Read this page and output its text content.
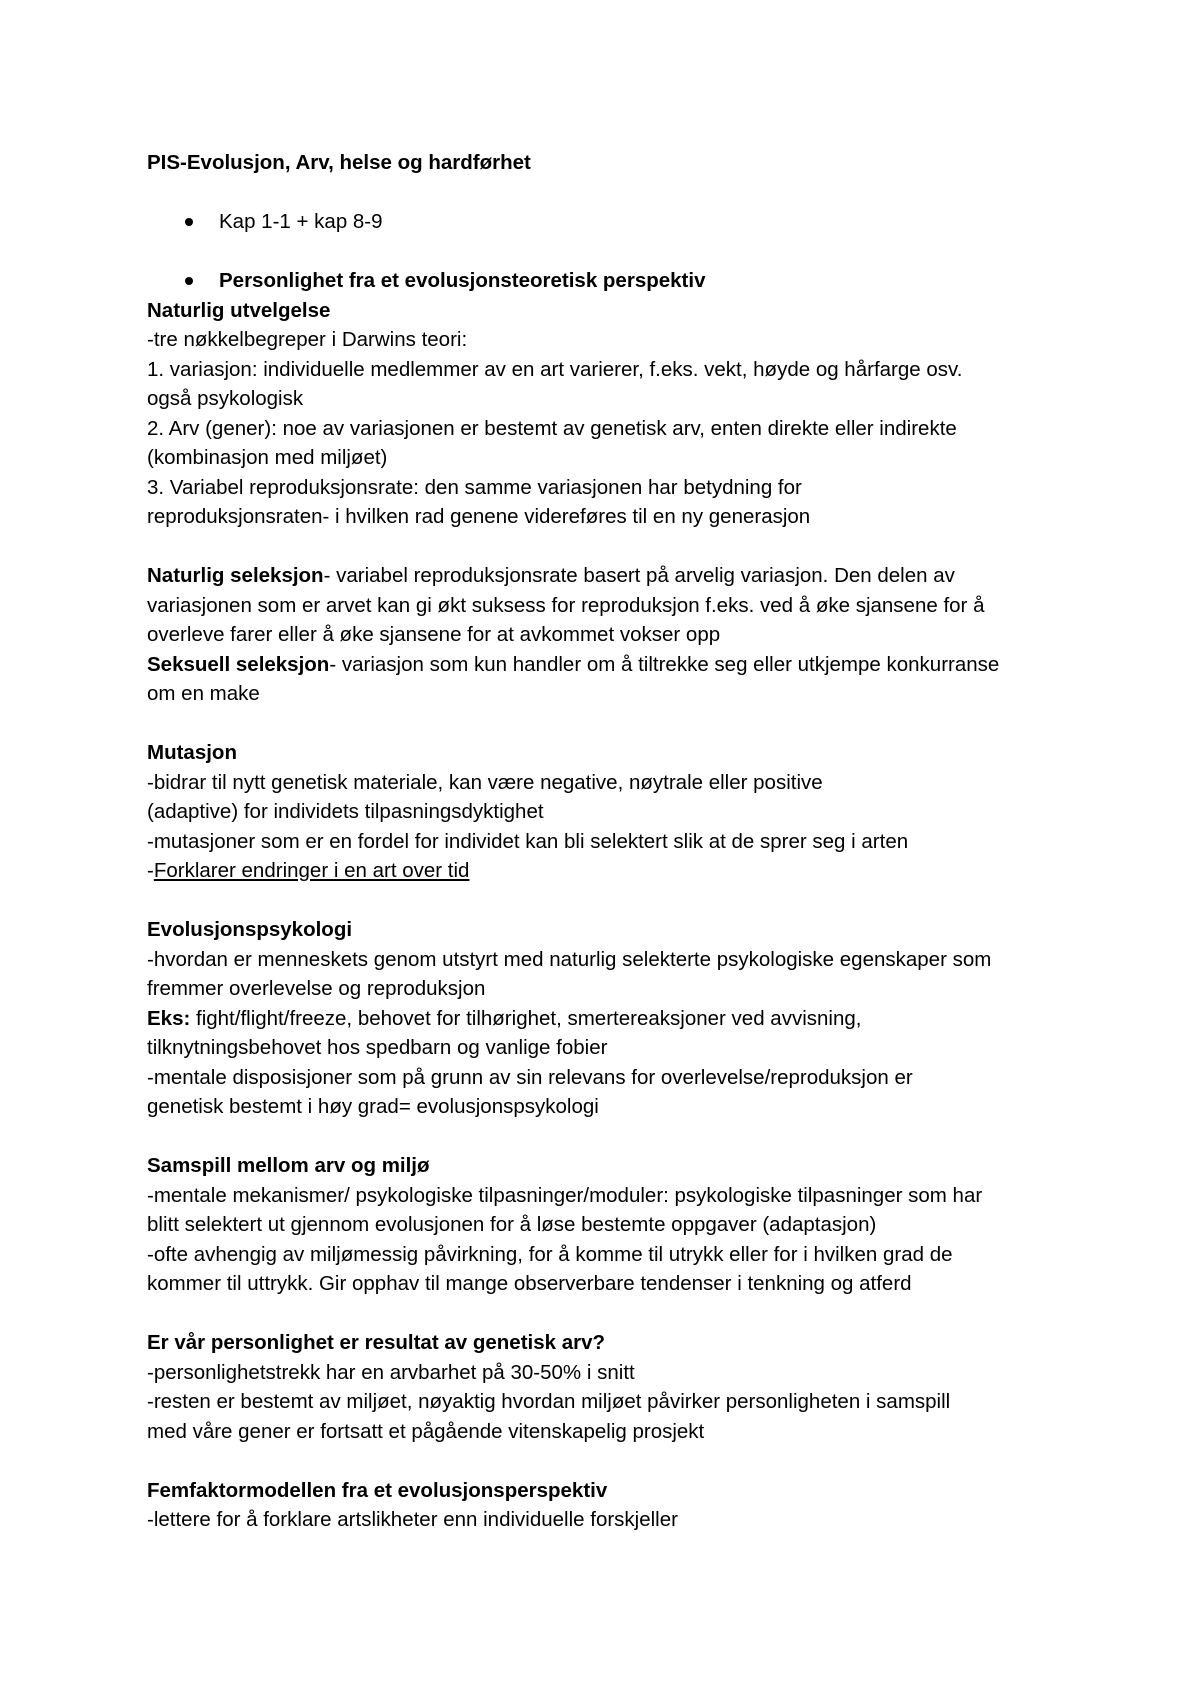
PIS-Evolusjon, Arv, helse og hardførhet
Kap 1-1 + kap 8-9
Personlighet fra et evolusjonsteoretisk perspektiv
Naturlig utvelgelse
-tre nøkkelbegreper i Darwins teori:
1. variasjon: individuelle medlemmer av en art varierer, f.eks. vekt, høyde og hårfarge osv.
også psykologisk
2. Arv (gener): noe av variasjonen er bestemt av genetisk arv, enten direkte eller indirekte
(kombinasjon med miljøet)
3. Variabel reproduksjonsrate: den samme variasjonen har betydning for
reproduksjonsraten- i hvilken rad genene videreføres til en ny generasjon
Naturlig seleksjon- variabel reproduksjonsrate basert på arvelig variasjon. Den delen av
variasjonen som er arvet kan gi økt suksess for reproduksjon f.eks. ved å øke sjansene for å
overleve farer eller å øke sjansene for at avkommet vokser opp
Seksuell seleksjon- variasjon som kun handler om å tiltrekke seg eller utkjempe konkurranse
om en make
Mutasjon
-bidrar til nytt genetisk materiale, kan være negative, nøytrale eller positive
(adaptive) for individets tilpasningsdyktighet
-mutasjoner som er en fordel for individet kan bli selektert slik at de sprer seg i arten
-Forklarer endringer i en art over tid
Evolusjonspsykologi
-hvordan er menneskets genom utstyrt med naturlig selekterte psykologiske egenskaper som
fremmer overlevelse og reproduksjon
Eks: fight/flight/freeze, behovet for tilhørighet, smertereaksjoner ved avvisning,
tilknytningsbehovet hos spedbarn og vanlige fobier
-mentale disposisjoner som på grunn av sin relevans for overlevelse/reproduksjon er
genetisk bestemt i høy grad= evolusjonspsykologi
Samspill mellom arv og miljø
-mentale mekanismer/ psykologiske tilpasninger/moduler: psykologiske tilpasninger som har
blitt selektert ut gjennom evolusjonen for å løse bestemte oppgaver (adaptasjon)
-ofte avhengig av miljømessig påvirkning, for å komme til utrykk eller for i hvilken grad de
kommer til uttrykk. Gir opphav til mange observerbare tendenser i tenkning og atferd
Er vår personlighet er resultat av genetisk arv?
-personlighetstrekk har en arvbarhet på 30-50% i snitt
-resten er bestemt av miljøet, nøyaktig hvordan miljøet påvirker personligheten i samspill
med våre gener er fortsatt et pågående vitenskapelig prosjekt
Femfaktormodellen fra et evolusjonsperspektiv
-lettere for å forklare artslikheter enn individuelle forskjeller
